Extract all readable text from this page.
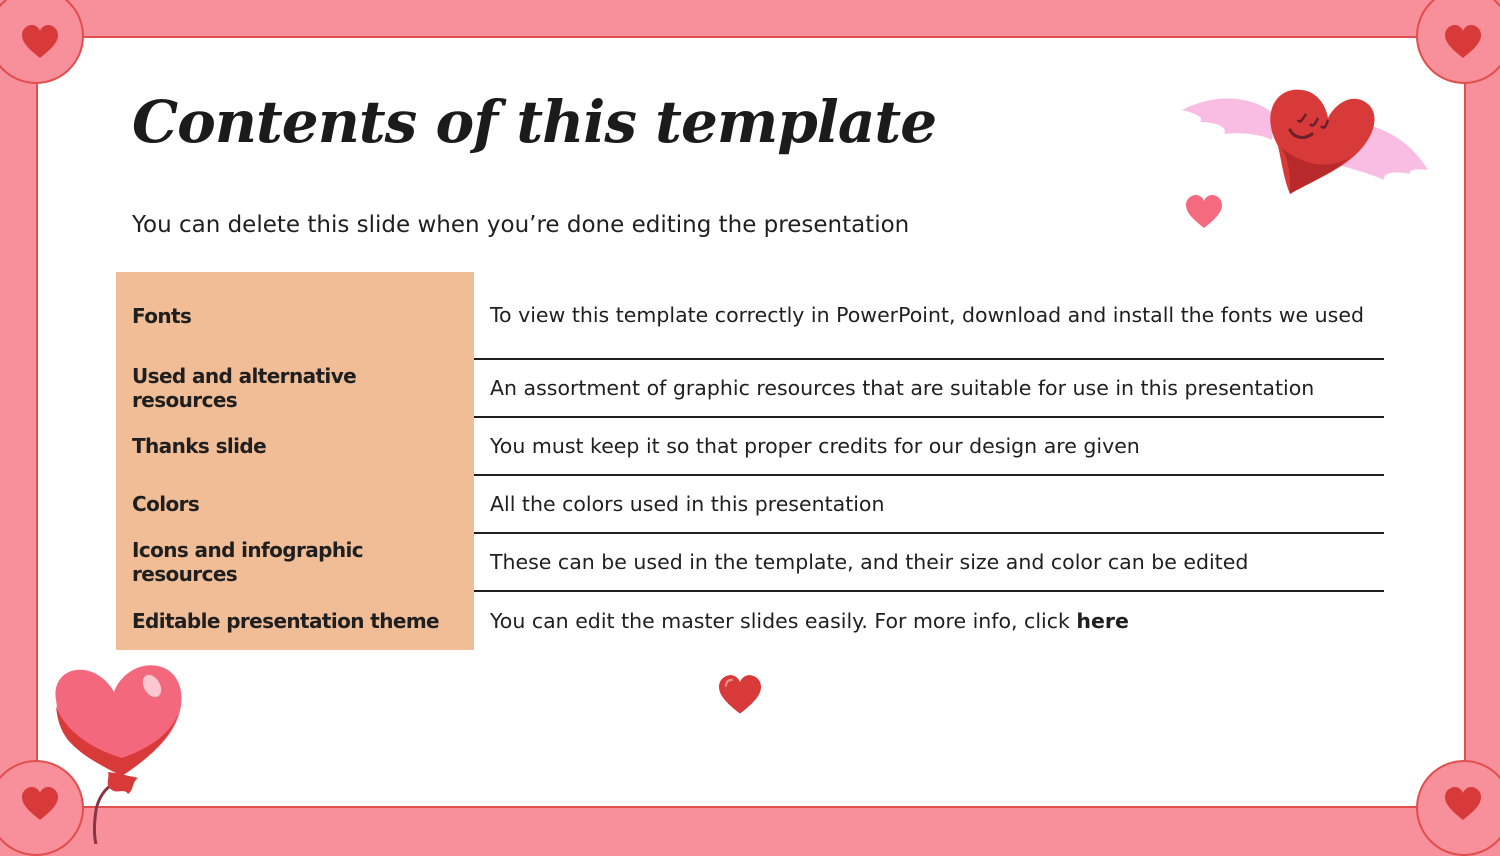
Contents of this template

You can delete this slide when you’re done editing the presentation

Fonts	To view this template correctly in PowerPoint, download and install the fonts we used
Used and alternative resources	An assortment of graphic resources that are suitable for use in this presentation
Thanks slide	You must keep it so that proper credits for our design are given
Colors	All the colors used in this presentation
Icons and infographic resources	These can be used in the template, and their size and color can be edited
Editable presentation theme	You can edit the master slides easily. For more info, click here
